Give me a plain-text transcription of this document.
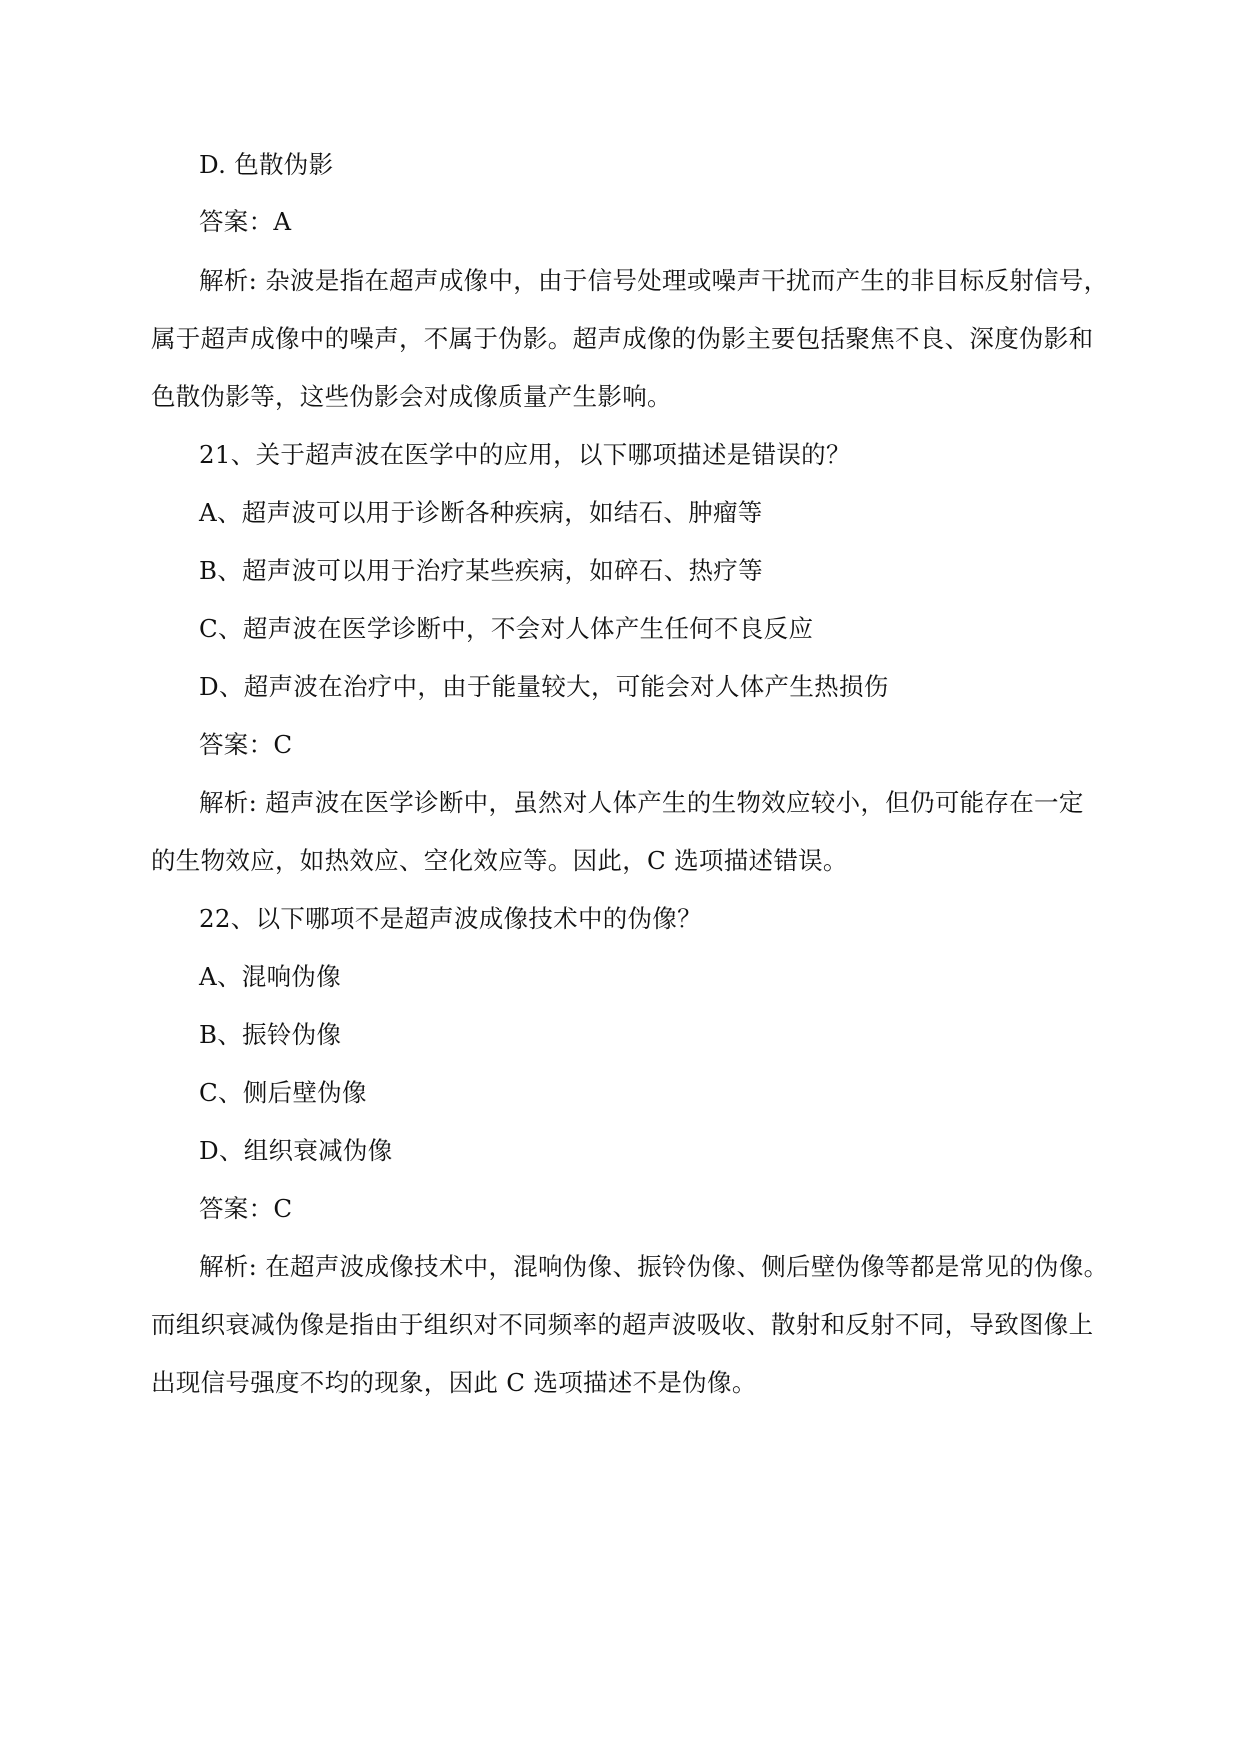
D. 色散伪影
答案：A
解析: 杂波是指在超声成像中，由于信号处理或噪声干扰而产生的非目标反射信号，
属于超声成像中的噪声，不属于伪影。超声成像的伪影主要包括聚焦不良、深度伪影和
色散伪影等，这些伪影会对成像质量产生影响。
21、关于超声波在医学中的应用，以下哪项描述是错误的？
A、超声波可以用于诊断各种疾病，如结石、肿瘤等
B、超声波可以用于治疗某些疾病，如碎石、热疗等
C、超声波在医学诊断中，不会对人体产生任何不良反应
D、超声波在治疗中，由于能量较大，可能会对人体产生热损伤
答案：C
解析: 超声波在医学诊断中，虽然对人体产生的生物效应较小，但仍可能存在一定
的生物效应，如热效应、空化效应等。因此，C 选项描述错误。
22、以下哪项不是超声波成像技术中的伪像？
A、混响伪像
B、振铃伪像
C、侧后壁伪像
D、组织衰减伪像
答案：C
解析: 在超声波成像技术中，混响伪像、振铃伪像、侧后壁伪像等都是常见的伪像。
而组织衰减伪像是指由于组织对不同频率的超声波吸收、散射和反射不同，导致图像上
出现信号强度不均的现象，因此 C 选项描述不是伪像。
